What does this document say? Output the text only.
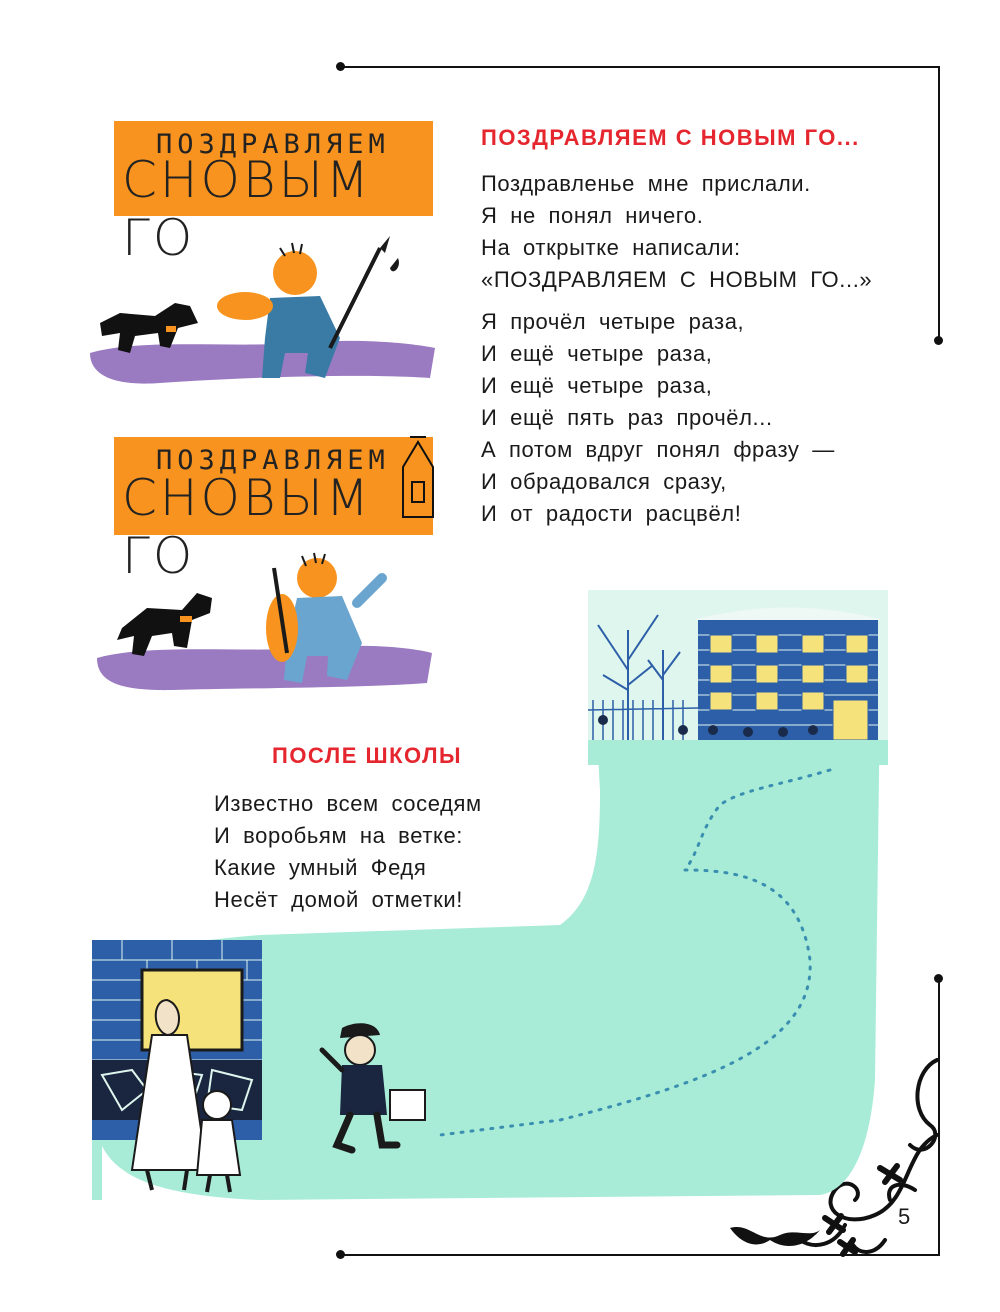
ПОЗДРАВЛЯЕМ
СНОВЫМ ГО
ПОЗДРАВЛЯЕМ
СНОВЫМ ГО
ПОЗДРАВЛЯЕМ С НОВЫМ ГО...
Поздравленье мне прислали.
Я не понял ничего.
На открытке написали:
«ПОЗДРАВЛЯЕМ С НОВЫМ ГО...»
Я прочёл четыре раза,
И ещё четыре раза,
И ещё четыре раза,
И ещё пять раз прочёл...
А потом вдруг понял фразу —
И обрадовался сразу,
И от радости расцвёл!
ПОСЛЕ ШКОЛЫ
Известно всем соседям
И воробьям на ветке:
Какие умный Федя
Несёт домой отметки!
5
